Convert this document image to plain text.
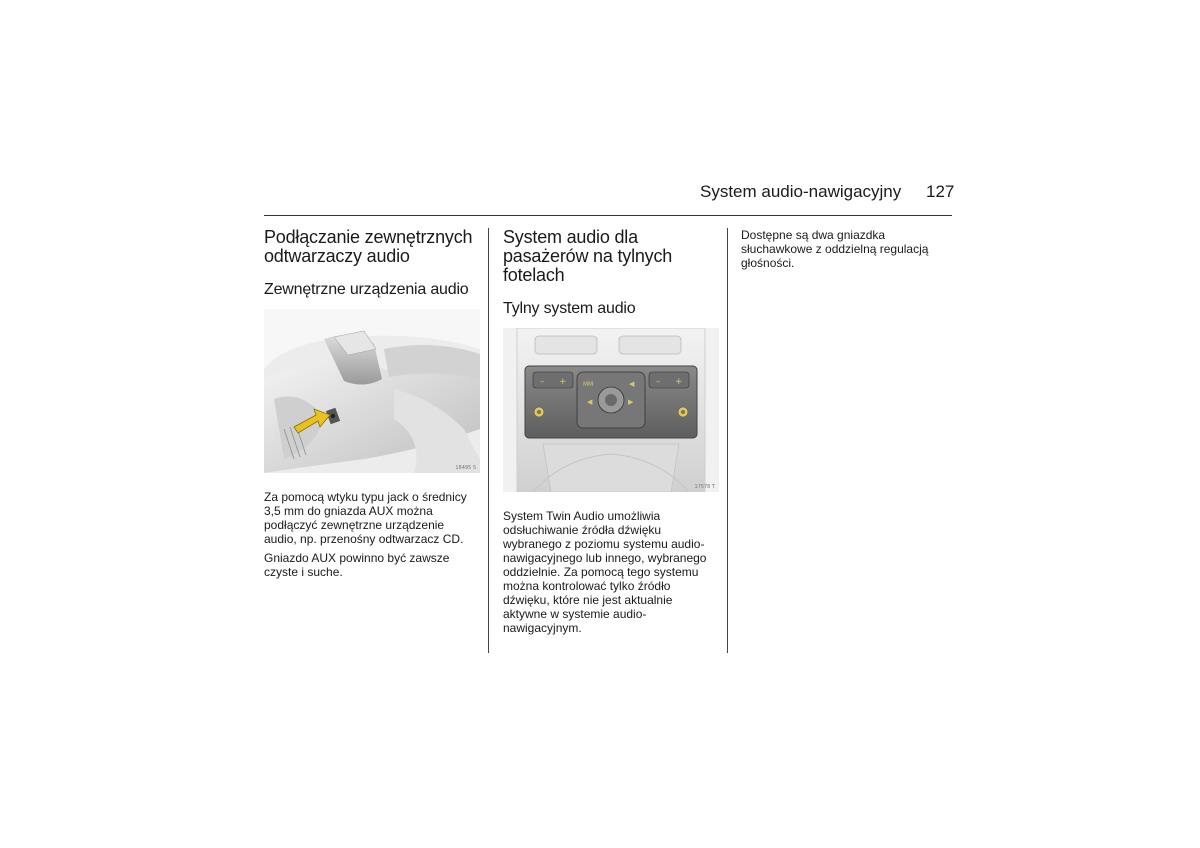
System audio-nawigacyjny 127
Podłączanie zewnętrznych odtwarzaczy audio
Zewnętrzne urządzenia audio
18495 S

Za pomocą wtyku typu jack o średnicy 3,5 mm do gniazda AUX można podłączyć zewnętrzne urządzenie audio, np. przenośny odtwarzacz CD.

Gniazdo AUX powinno być zawsze czyste i suche.

System audio dla pasażerów na tylnych fotelach
Tylny system audio
– +	– +
MM	◀
◀	▶
17578 T

System Twin Audio umożliwia odsłuchiwanie źródła dźwięku wybranego z poziomu systemu audio-nawigacyjnego lub innego, wybranego oddzielnie. Za pomocą tego systemu można kontrolować tylko źródło dźwięku, które nie jest aktualnie aktywne w systemie audio-nawigacyjnym.

Dostępne są dwa gniazdka słuchawkowe z oddzielną regulacją głośności.
